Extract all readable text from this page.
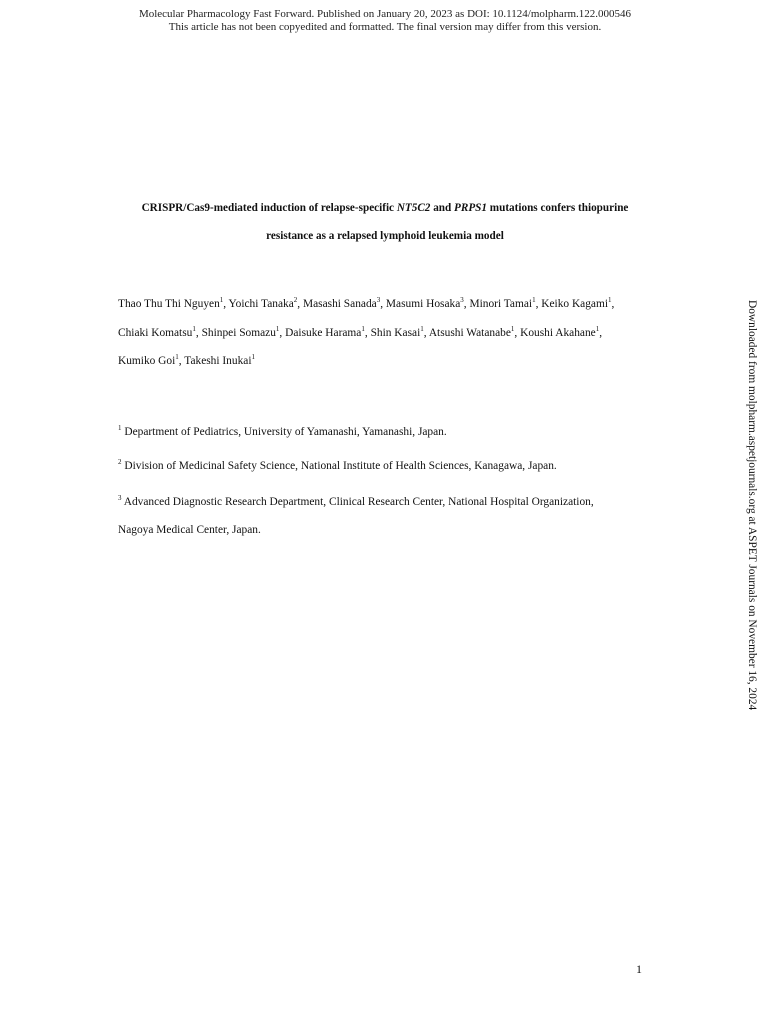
Molecular Pharmacology Fast Forward. Published on January 20, 2023 as DOI: 10.1124/molpharm.122.000546
This article has not been copyedited and formatted. The final version may differ from this version.
CRISPR/Cas9-mediated induction of relapse-specific NT5C2 and PRPS1 mutations confers thiopurine
resistance as a relapsed lymphoid leukemia model
Thao Thu Thi Nguyen$^1$, Yoichi Tanaka$^2$, Masashi Sanada$^3$, Masumi Hosaka$^3$, Minori Tamai$^1$, Keiko Kagami$^1$,
Chiaki Komatsu$^1$, Shinpei Somazu$^1$, Daisuke Harama$^1$, Shin Kasai$^1$, Atsushi Watanabe$^1$, Koushi Akahane$^1$,
Kumiko Goi$^1$, Takeshi Inukai$^1$
$^1$ Department of Pediatrics, University of Yamanashi, Yamanashi, Japan.
$^2$ Division of Medicinal Safety Science, National Institute of Health Sciences, Kanagawa, Japan.
$^3$ Advanced Diagnostic Research Department, Clinical Research Center, National Hospital Organization,
Nagoya Medical Center, Japan.	Downloaded from molpharm.aspetjournals.org at ASPET Journals on November 16, 2024
1
